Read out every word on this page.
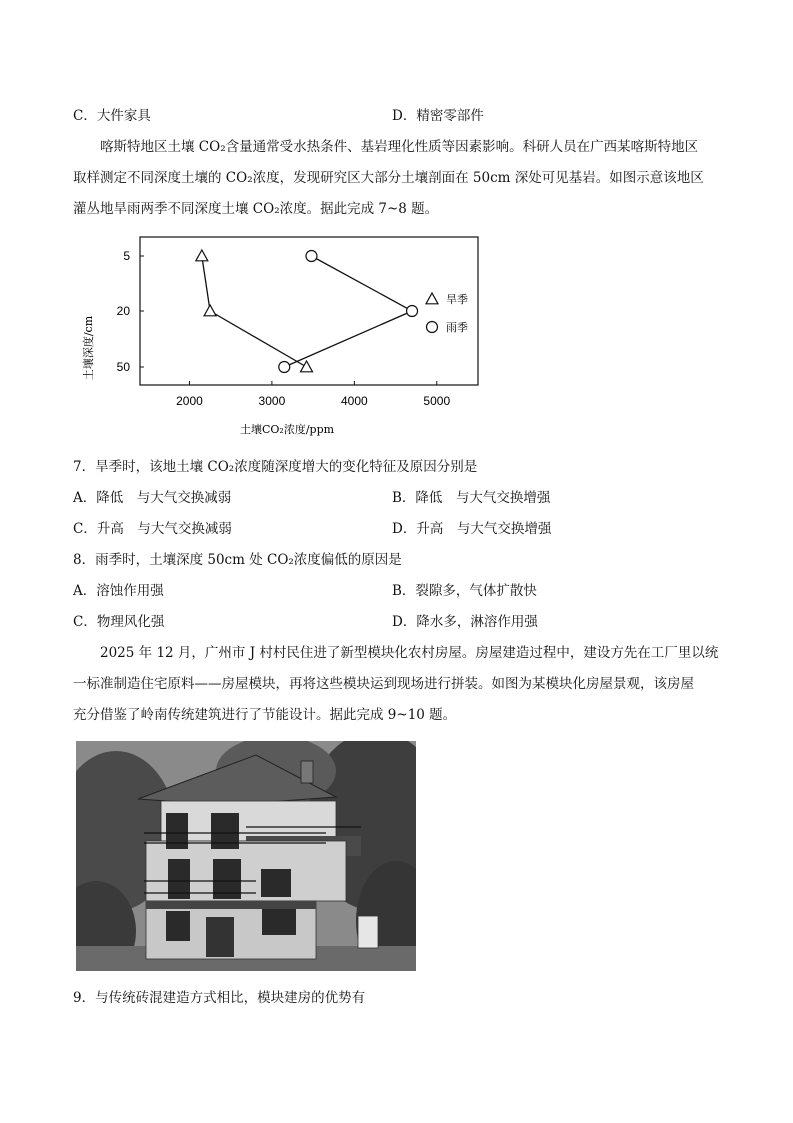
C．大件家具	D．精密零部件
喀斯特地区土壤 CO₂含量通常受水热条件、基岩理化性质等因素影响。科研人员在广西某喀斯特地区
取样测定不同深度土壤的 CO₂浓度，发现研究区大部分土壤剖面在 50cm 深处可见基岩。如图示意该地区
灌丛地旱雨两季不同深度土壤 CO₂浓度。据此完成 7~8 题。
2000	3000	4000	5000
5
20
50
土壤CO₂浓度/ppm
土壤深度/cm
旱季
雨季
7．旱季时，该地土壤 CO₂浓度随深度增大的变化特征及原因分别是
A．降低　与大气交换减弱	B．降低　与大气交换增强
C．升高　与大气交换减弱	D．升高　与大气交换增强
8．雨季时，土壤深度 50cm 处 CO₂浓度偏低的原因是
A．溶蚀作用强	B．裂隙多，气体扩散快
C．物理风化强	D．降水多，淋溶作用强
2025 年 12 月，广州市 J 村村民住进了新型模块化农村房屋。房屋建造过程中，建设方先在工厂里以统
一标准制造住宅原料——房屋模块，再将这些模块运到现场进行拼装。如图为某模块化房屋景观，该房屋
充分借鉴了岭南传统建筑进行了节能设计。据此完成 9~10 题。
9．与传统砖混建造方式相比，模块建房的优势有
